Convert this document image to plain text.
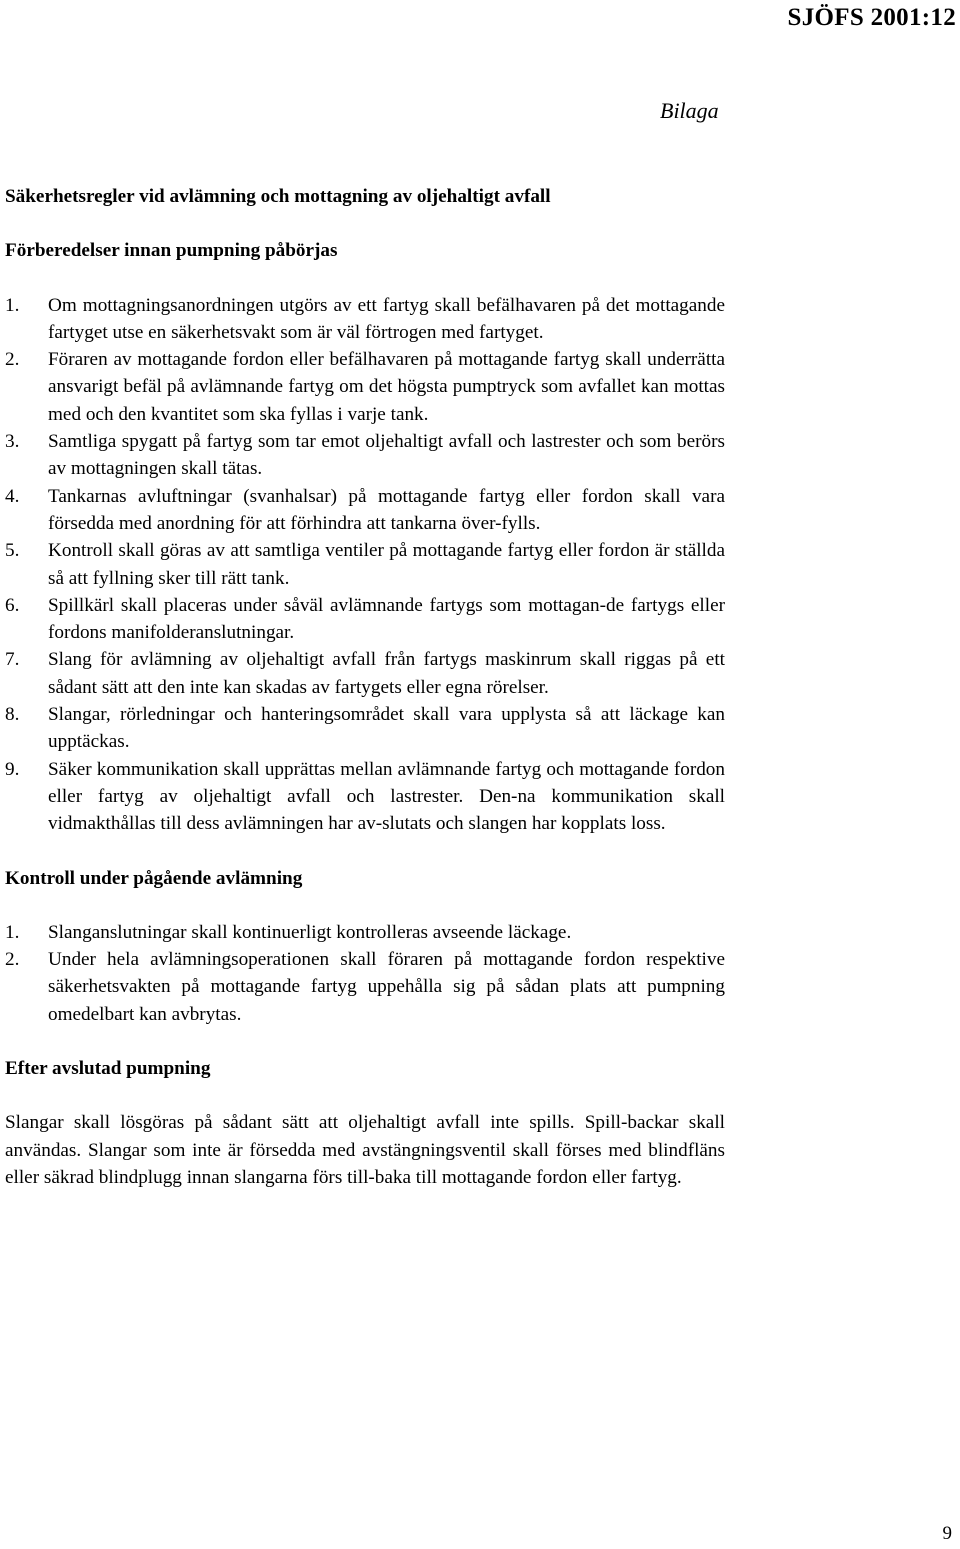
SJÖFS 2001:12
Bilaga
Säkerhetsregler vid avlämning och mottagning av oljehaltigt avfall
Förberedelser innan pumpning påbörjas
1. Om mottagningsanordningen utgörs av ett fartyg skall befälhavaren på det mottagande fartyget utse en säkerhetsvakt som är väl förtrogen med fartyget.
2. Föraren av mottagande fordon eller befälhavaren på mottagande fartyg skall underrätta ansvarigt befäl på avlämnande fartyg om det högsta pumptryck som avfallet kan mottas med och den kvantitet som ska fyllas i varje tank.
3. Samtliga spygatt på fartyg som tar emot oljehaltigt avfall och lastrester och som berörs av mottagningen skall tätas.
4. Tankarnas avluftningar (svanhalsar) på mottagande fartyg eller fordon skall vara försedda med anordning för att förhindra att tankarna över-fylls.
5. Kontroll skall göras av att samtliga ventiler på mottagande fartyg eller fordon är ställda så att fyllning sker till rätt tank.
6. Spillkärl skall placeras under såväl avlämnande fartygs som mottagan-de fartygs eller fordons manifolderanslutningar.
7. Slang för avlämning av oljehaltigt avfall från fartygs maskinrum skall riggas på ett sådant sätt att den inte kan skadas av fartygets eller egna rörelser.
8. Slangar, rörledningar och hanteringsområdet skall vara upplysta så att läckage kan upptäckas.
9. Säker kommunikation skall upprättas mellan avlämnande fartyg och mottagande fordon eller fartyg av oljehaltigt avfall och lastrester. Den-na kommunikation skall vidmakthållas till dess avlämningen har av-slutats och slangen har kopplats loss.
Kontroll under pågående avlämning
1. Slanganslutningar skall kontinuerligt kontrolleras avseende läckage.
2. Under hela avlämningsoperationen skall föraren på mottagande fordon respektive säkerhetsvakten på mottagande fartyg uppehålla sig på sådan plats att pumpning omedelbart kan avbrytas.
Efter avslutad pumpning

Slangar skall lösgöras på sådant sätt att oljehaltigt avfall inte spills. Spill-backar skall användas. Slangar som inte är försedda med avstängningsventil skall förses med blindfläns eller säkrad blindplugg innan slangarna förs till-baka till mottagande fordon eller fartyg.

9
